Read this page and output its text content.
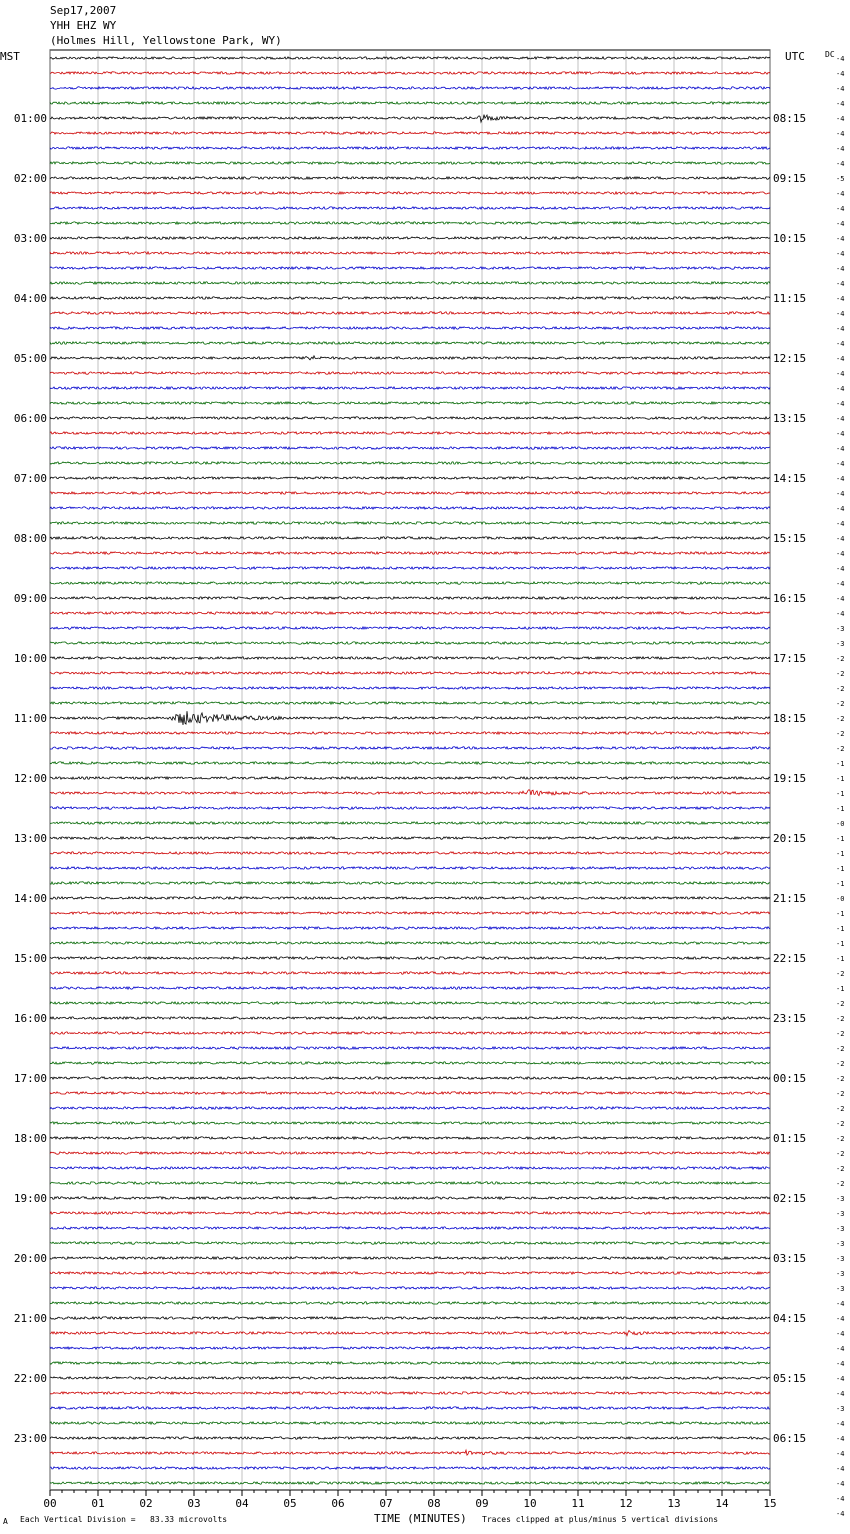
Sep17,2007
YHH EHZ WY
(Holmes Hill, Yellowstone Park, WY)
MST	UTC	DC
01:00
02:00
03:00
04:00
05:00
06:00
07:00
08:00
09:00
10:00
11:00
12:00
13:00
14:00
15:00
16:00
17:00
18:00
19:00
20:00
21:00
22:00
23:00
08:15
09:15
10:15
11:15
12:15
13:15
14:15
15:15
16:15
17:15
18:15
19:15
20:15
21:15
22:15
23:15
00:15
01:15
02:15
03:15
04:15
05:15
06:15
-4
-4
-4
-4
-4
-4
-4
-4
-5
-4
-4
-4
-4
-4
-4
-4
-4
-4
-4
-4
-4
-4
-4
-4
-4
-4
-4
-4
-4
-4
-4
-4
-4
-4
-4
-4
-4
-4
-3
-3
-2
-2
-2
-2
-2
-2
-2
-1
-1
-1
-1
-0
-1
-1
-1
-1
-0
-1
-1
-1
-1
-2
-1
-2
-2
-2
-2
-2
-2
-2
-2
-2
-2
-2
-2
-2
-3
-3
-3
-3
-3
-3
-3
-4
-4
-4
-4
-4
-4
-4
-3
-4
-4
-4
-4
-4
-4
-4
00	01	02	03	04	05	06	07	08	09	10	11	12	13	14	15
A Each Vertical Division =   83.33 microvolts	TIME (MINUTES) Traces clipped at plus/minus 5 vertical divisions
